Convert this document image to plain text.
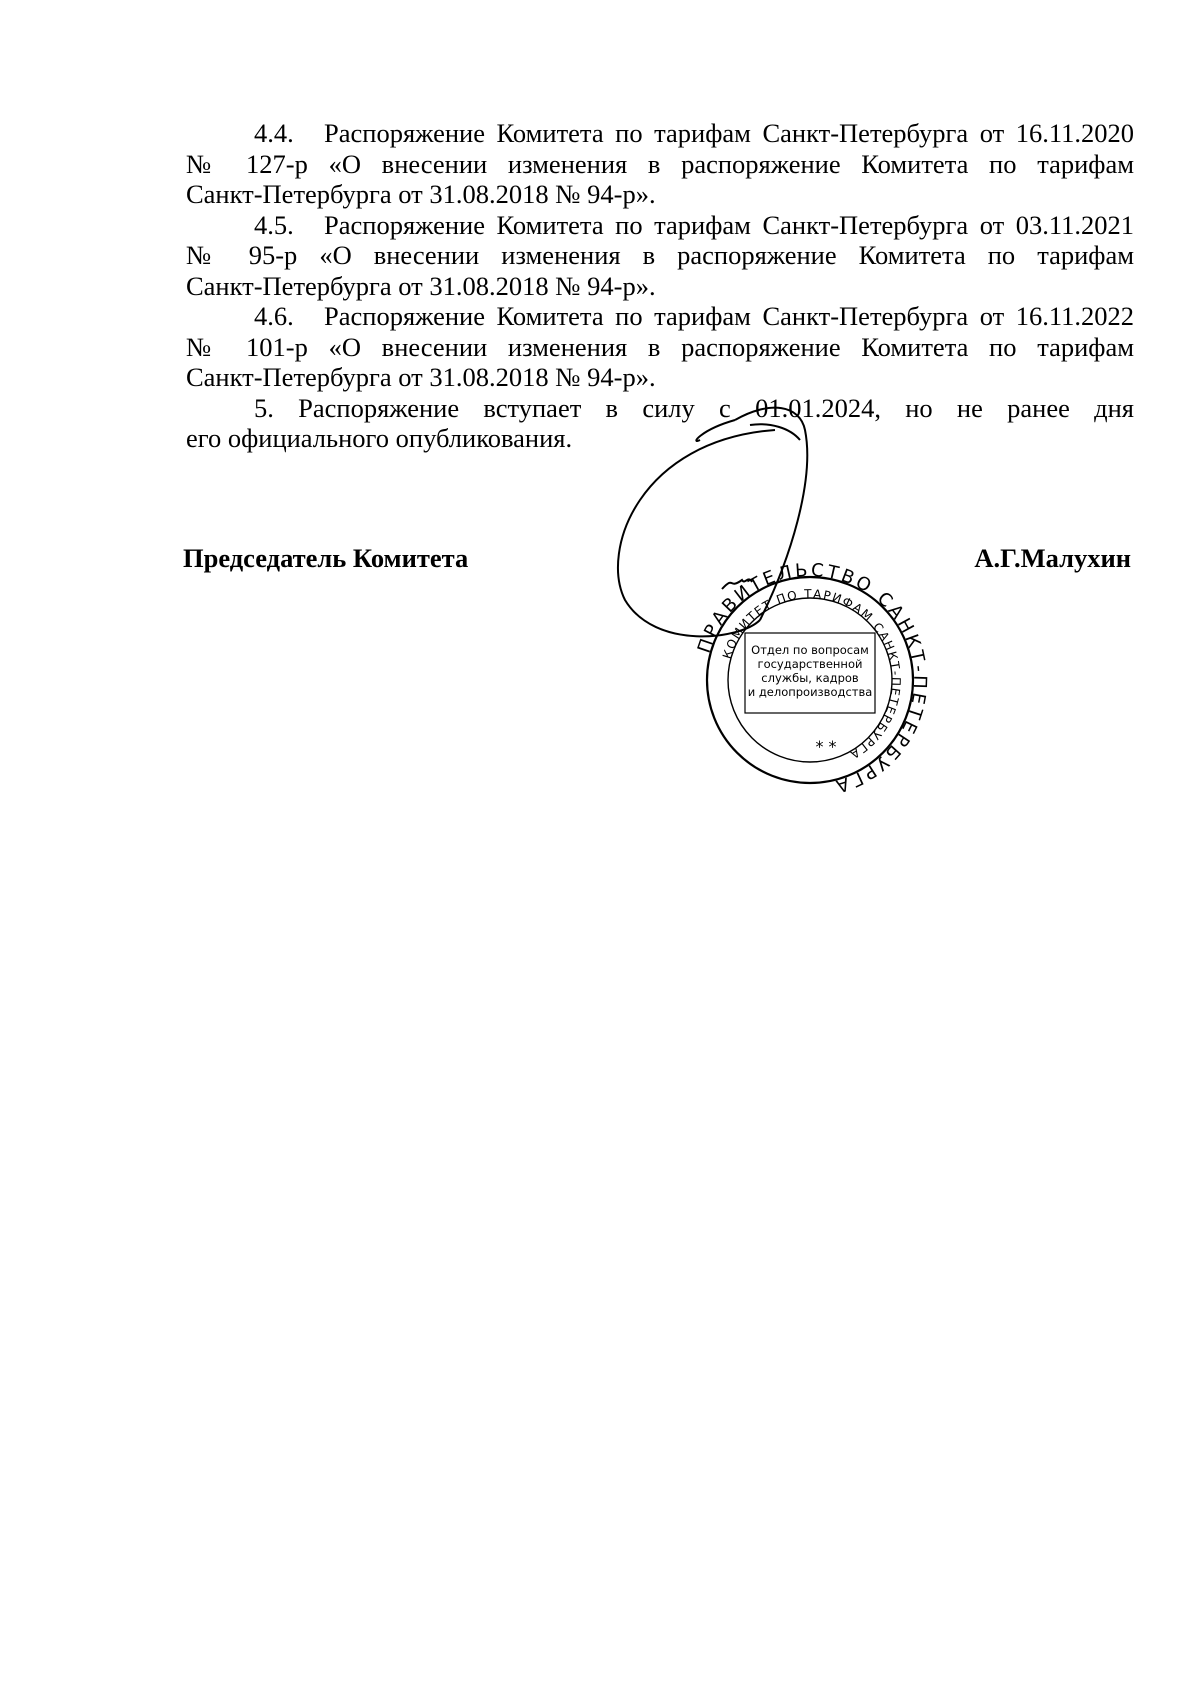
4.4. Распоряжение Комитета по тарифам Санкт-Петербурга от 16.11.2020
№ 127-р «О внесении изменения в распоряжение Комитета по тарифам
Санкт-Петербурга от 31.08.2018 № 94-р».
4.5. Распоряжение Комитета по тарифам Санкт-Петербурга от 03.11.2021
№ 95-р «О внесении изменения в распоряжение Комитета по тарифам
Санкт-Петербурга от 31.08.2018 № 94-р».
4.6. Распоряжение Комитета по тарифам Санкт-Петербурга от 16.11.2022
№ 101-р «О внесении изменения в распоряжение Комитета по тарифам
Санкт-Петербурга от 31.08.2018 № 94-р».
5. Распоряжение вступает в силу с 01.01.2024, но не ранее дня
его официального опубликования.
Председатель Комитета	А.Г.Малухин
ПРАВИТЕЛЬСТВО САНКТ-ПЕТЕРБУРГА
КОМИТЕТ ПО ТАРИФАМ САНКТ-ПЕТЕРБУРГА
Отдел по вопросам
государственной
службы, кадров
и делопроизводства
* *
